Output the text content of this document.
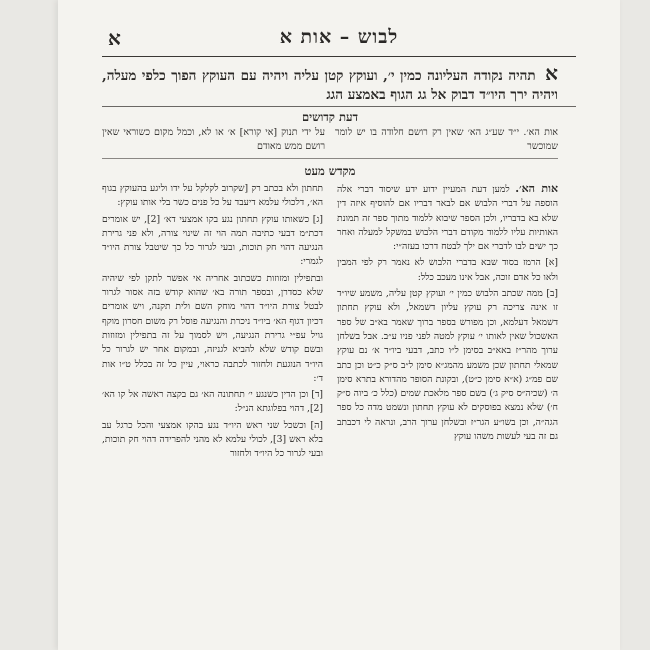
לבוש – אות א
א
א תהיה נקודה העליונה כמין י׳, ועוקץ קטן עליה ויהיה עם העוקץ הפוך כלפי מעלה, ויהיה ירך היו״ד דבוק אל גג הגוף באמצע הגג
דעת קדושים
אות הא׳. י״ד שע״ג הא׳ שאין רק רושם חלודה בו יש לומר שמוכשר
על ידי תנוק [אי קורא] א׳ או לא, וכמל מקום כשוראי שאין רושם ממש מאודם
מקדש מעט

אות הא׳. למען דעת המעיין ידוע ידע שיסוד דברי אלה הוספה על דברי הלבוש אם לבאר דבריו אם להוסיף איזה דין שלא בא בדבריו, ולכן הספר שיבוא ללמוד מתוך ספר זה תמונת האותיות עליו ללמוד מקודם דברי הלבוש במשקל למעלה ואחר כך ישים לבו לדברי אם ילך לבטח דרכו בעזה״י:

[א] הרמז בסוד שבא בדברי הלבוש לא נאמר רק לפי המבין ולאו כל אדם זוכה, אבל אינו מעכב כלל:

[ב] ממה שכתב הלבוש כמין י׳ ועוקץ קטן עליה, משמע שיו״ד זו אינה צריכה רק עוקץ עליון דשמאל, ולא עוקץ תחתון דשמאל דעלמא, וכן מפורש בספר ברוך שאמר בא״ב של ספר האשכול שאין לאותו י׳ עוקץ למטה לפני פניו ע״ב. אבל בשלחן ערוך מהר״ז באא״ב בסימן ל״ו כתב, דבעי ביו״ד א׳ נם עוקץ שמאלי תחתון שכן משמע מהמג״א סימן ל״ב ס״ק כ״ט וכן כתב שם פמ״ג (א״א סימן כ״ט), ובקונת הסופר מהדורא בתרא סימן ה׳ (שכיה״ס סיק ג׳) בשם ספר מלאכת שמים (כלל כ׳ ביוה ס״ק ח׳) שלא נמצא בפוסקים לא עוקץ תחתון ונשמט מדה כל ספר הגה״ה, וכן בשו״ע הגר״ז ובשלחן ערוך הרב, ונראה לי דכבתב גם זה בעי לעשות משהו עוקץ

תחתון ולא בכתב רק [שקרוב לקלקל על ידו וליגע בהעוקץ בגוף הא׳, דלכולי עלמא דיעבד על כל פנים כשר בלי אותו עוקץ:

[ג] כשאותו עוקץ תחתון נגע בקו אמצעי דא׳ [2], יש אומרים דכת״מ דבעי כתיבה תמה הוי זה שינוי צורה, ולא פני גרירת הנגיעה דהוי חק תוכות, ובעי לגרור כל כך שיטבל צורת היו״ד לגמרי:

ובתפילין ומזוזות כשכתוב אחריה אי אפשר לתקן לפי שיהיה שלא כסדרן, ובספר תורה בא׳ שהוא קודש בזה אסור לגרור לבטל צורת היו״ד דהוי מוחק השם ולית תקנה, ויש אומרים דכיון דגוף הא׳ ביו״ד ניכרת והנגיעה פוסל רק משום חסרון מוקף גויל עפ״י גרירת הנגיעה, ויש לסמוך על זה בתפילין ומזוזות ובשם קודש שלא להביא לגניזה, ובמקום אחר יש לגרור כל היו״ד הנוגעת ולחזור לכתבה כראוי, עיין כל זה בכלל ט״ו אות ד׳:

[ד] וכן הדין כשנגע י׳ תחתונה הא׳ גם בקצה ראשה אל קו הא׳ [2], דהוי בפלוגתא הנ״ל:

[ה] וכשכל שני ראש היו״ד נגע בהקו אמצעי והכל כרגל עב בלא ראש [3], לכולי עלמא לא מהני להפרידה דהוי חק תוכות, ובעי לגרור כל היו״ד ולחזור
